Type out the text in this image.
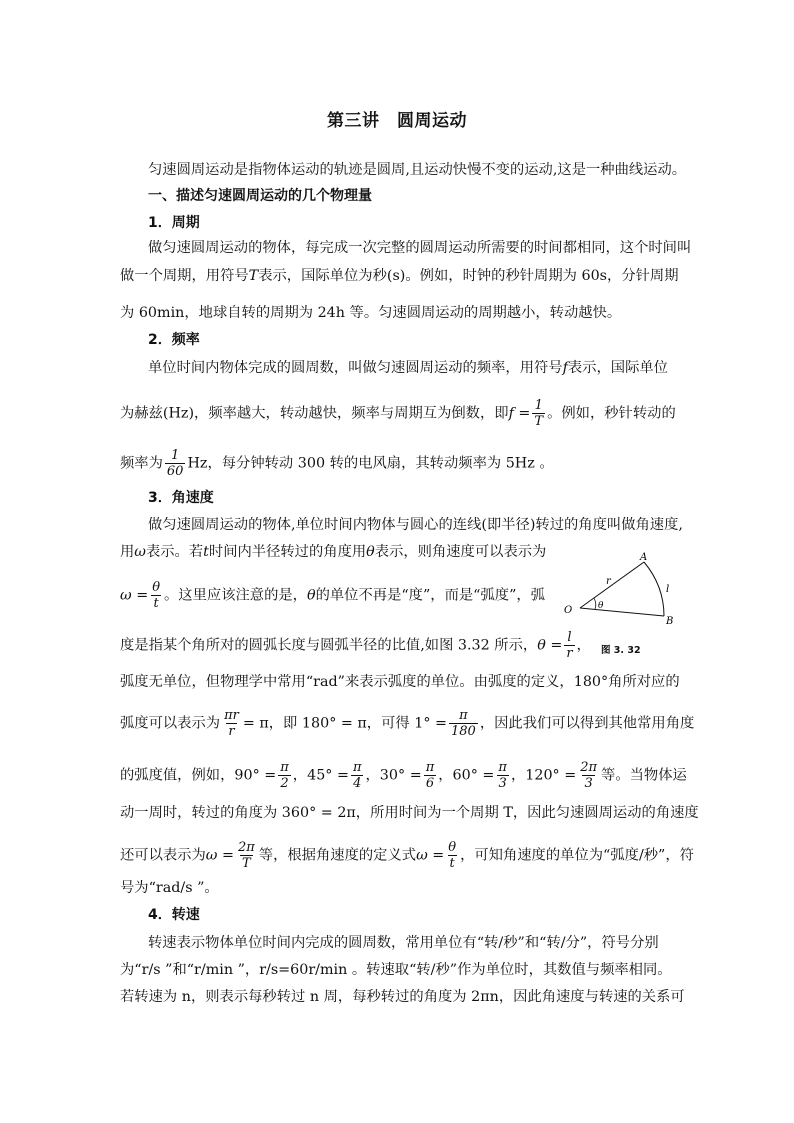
第三讲　圆周运动
匀速圆周运动是指物体运动的轨迹是圆周,且运动快慢不变的运动,这是一种曲线运动。
一、描述匀速圆周运动的几个物理量
1．周期
做匀速圆周运动的物体，每完成一次完整的圆周运动所需要的时间都相同，这个时间叫
做一个周期，用符号T表示，国际单位为秒(s)。例如，时钟的秒针周期为 60s，分针周期
为 60min，地球自转的周期为 24h 等。匀速圆周运动的周期越小，转动越快。
2．频率
单位时间内物体完成的圆周数，叫做匀速圆周运动的频率，用符号f表示，国际单位
为赫兹(Hz)，频率越大，转动越快，频率与周期互为倒数，即$f = \frac{1}{T}$ 。例如，秒针转动的
频率为 $\frac{1}{60}$ Hz，每分钟转动 300 转的电风扇，其转动频率为 5Hz 。
3．角速度
做匀速圆周运动的物体,单位时间内物体与圆心的连线(即半径)转过的角度叫做角速度,
用ω表示。若t时间内半径转过的角度用θ表示，则角速度可以表示为
$\omega = \frac{\theta}{t}$ 。这里应该注意的是，θ的单位不再是“度”，而是“弧度”，弧
度是指某个角所对的圆弧长度与圆弧半径的比值,如图 3.32 所示，$\theta = \frac{l}{r}$ ，
弧度无单位，但物理学中常用“rad”来表示弧度的单位。由弧度的定义，180°角所对应的
弧度可以表示为 $\frac{\pi r}{r} = \pi$，即 180° = π，可得 $1^\circ = \frac{\pi}{180}$ ，因此我们可以得到其他常用角度
的弧度值，例如，$90^\circ = \frac{\pi}{2}$ ，$45^\circ = \frac{\pi}{4}$ ，$30^\circ = \frac{\pi}{6}$ ，$60^\circ = \frac{\pi}{3}$ ，$120^\circ = \frac{2\pi}{3}$ 等。当物体运
动一周时，转过的角度为 360° = 2π，所用时间为一个周期 T，因此匀速圆周运动的角速度
还可以表示为$\omega = \frac{2\pi}{T}$ 等，根据角速度的定义式$\omega = \frac{\theta}{t}$ ，可知角速度的单位为“弧度/秒”，符
号为“rad/s ”。
4．转速
转速表示物体单位时间内完成的圆周数，常用单位有“转/秒”和“转/分”，符号分别
为“r/s ”和“r/min ”，r/s=60r/min 。转速取“转/秒”作为单位时，其数值与频率相同。
若转速为 n，则表示每秒转过 n 周，每秒转过的角度为 2πn，因此角速度与转速的关系可
A
B
O
r
l
θ
图 3. 32
